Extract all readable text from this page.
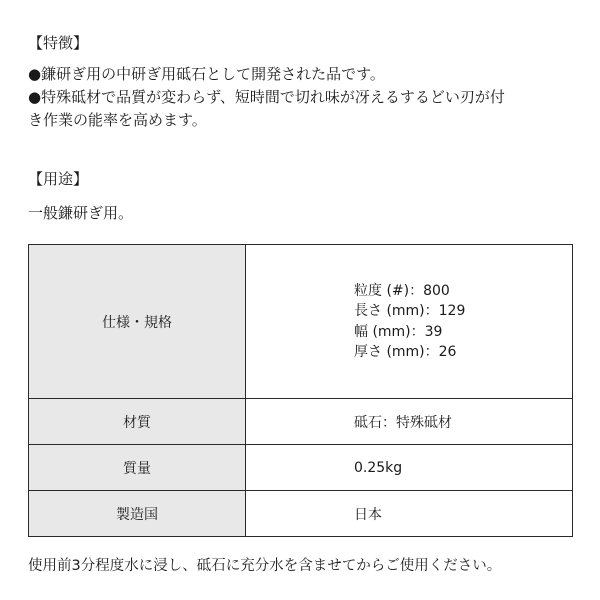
【特徴】

●鎌研ぎ用の中研ぎ用砥石として開発された品です。

●特殊砥材で品質が変わらず、短時間で切れ味が冴えるするどい刃が付

き作業の能率を高めます。

【用途】

一般鎌研ぎ用。

仕様・規格	粒度 (#)：800
長さ (mm)：129
幅 (mm)：39
厚さ (mm)：26

材質	砥石：特殊砥材
質量	0.25kg
製造国	日本

使用前3分程度水に浸し、砥石に充分水を含ませてからご使用ください。
